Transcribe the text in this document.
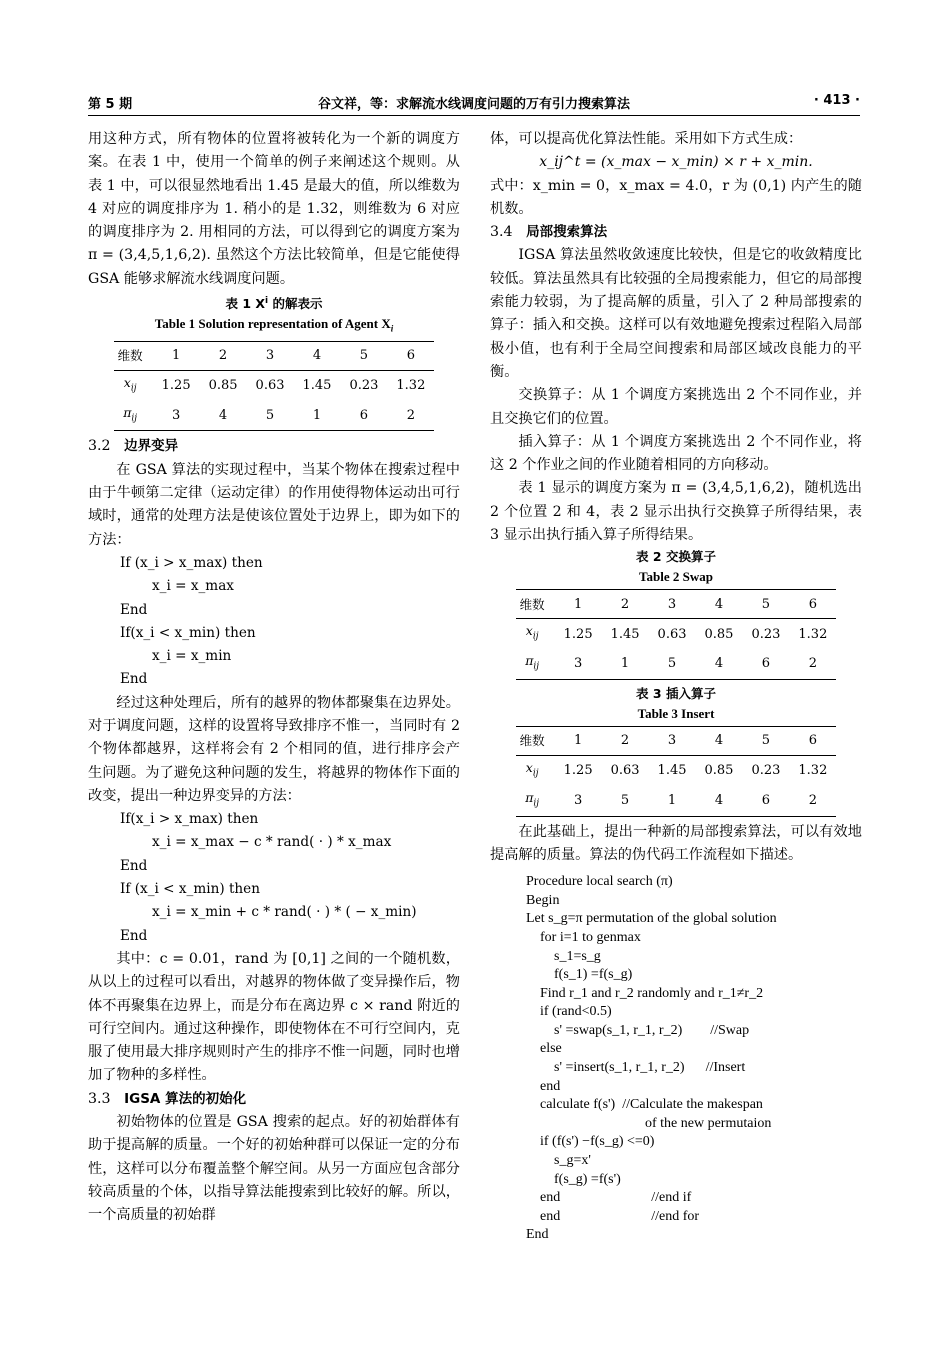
第 5 期	谷文祥，等：求解流水线调度问题的万有引力搜索算法	· 413 ·

用这种方式，所有物体的位置将被转化为一个新的调度方案。在表 1 中，使用一个简单的例子来阐述这个规则。从表 1 中，可以很显然地看出 1.45 是最大的值，所以维数为 4 对应的调度排序为 1. 稍小的是 1.32，则维数为 6 对应的调度排序为 2. 用相同的方法，可以得到它的调度方案为 π = (3,4,5,1,6,2). 虽然这个方法比较简单，但是它能使得 GSA 能够求解流水线调度问题。

表 1 $X^i$ 的解表示
Table 1 Solution representation of Agent $X_i$
维数	1	2	3	4	5	6
$x_{ij}$	1.25	0.85	0.63	1.45	0.23	1.32
$\pi_{ij}$	3	4	5	1	6	2
3.2 边界变异

在 GSA 算法的实现过程中，当某个物体在搜索过程中由于牛顿第二定律（运动定律）的作用使得物体运动出可行域时，通常的处理方法是使该位置处于边界上，即为如下的方法：

If (x_i > x_max) then
x_i = x_max
End
If(x_i < x_min) then
x_i = x_min
End

经过这种处理后，所有的越界的物体都聚集在边界处。对于调度问题，这样的设置将导致排序不惟一，当同时有 2 个物体都越界，这样将会有 2 个相同的值，进行排序会产生问题。为了避免这种问题的发生，将越界的物体作下面的改变，提出一种边界变异的方法：

If(x_i > x_max) then
x_i = x_max − c * rand( · ) * x_max
End
If (x_i < x_min) then
x_i = x_min + c * rand( · ) * ( − x_min)
End

其中：c = 0.01，rand 为 [0,1] 之间的一个随机数，从以上的过程可以看出，对越界的物体做了变异操作后，物体不再聚集在边界上，而是分布在离边界 c × rand 附近的可行空间内。通过这种操作，即使物体在不可行空间内，克服了使用最大排序规则时产生的排序不惟一问题，同时也增加了物种的多样性。

3.3 IGSA 算法的初始化

初始物体的位置是 GSA 搜索的起点。好的初始群体有助于提高解的质量。一个好的初始种群可以保证一定的分布性，这样可以分布覆盖整个解空间。从另一方面应包含部分较高质量的个体，以指导算法能搜索到比较好的解。所以，一个高质量的初始群

体，可以提高优化算法性能。采用如下方式生成：

x_ij^t = (x_max − x_min) × r + x_min.

式中：x_min = 0，x_max = 4.0，r 为 (0,1) 内产生的随机数。

3.4 局部搜索算法

IGSA 算法虽然收敛速度比较快，但是它的收敛精度比较低。算法虽然具有比较强的全局搜索能力，但它的局部搜索能力较弱，为了提高解的质量，引入了 2 种局部搜索的算子：插入和交换。这样可以有效地避免搜索过程陷入局部极小值，也有利于全局空间搜索和局部区域改良能力的平衡。

交换算子：从 1 个调度方案挑选出 2 个不同作业，并且交换它们的位置。

插入算子：从 1 个调度方案挑选出 2 个不同作业，将这 2 个作业之间的作业随着相同的方向移动。

表 1 显示的调度方案为 π = (3,4,5,1,6,2)，随机选出 2 个位置 2 和 4，表 2 显示出执行交换算子所得结果，表 3 显示出执行插入算子所得结果。

表 2 交换算子
Table 2 Swap
维数	1	2	3	4	5	6
$x_{ij}$	1.25	1.45	0.63	0.85	0.23	1.32
$\pi_{ij}$	3	1	5	4	6	2
表 3 插入算子
Table 3 Insert
维数	1	2	3	4	5	6
$x_{ij}$	1.25	0.63	1.45	0.85	0.23	1.32
$\pi_{ij}$	3	5	1	4	6	2

在此基础上，提出一种新的局部搜索算法，可以有效地提高解的质量。算法的伪代码工作流程如下描述。

Procedure local search (π)
Begin
Let s_g=π permutation of the global solution
for i=1 to genmax
s_1=s_g
f(s_1) =f(s_g)
Find r_1 and r_2 randomly and r_1≠r_2
if (rand<0.5)
s' =swap(s_1, r_1, r_2)        //Swap
else
s' =insert(s_1, r_1, r_2)      //Insert
end
calculate f(s')  //Calculate the makespan
of the new permutaion
if (f(s') −f(s_g) <=0)
s_g=x'
f(s_g) =f(s')
end                          //end if
end                          //end for
End
